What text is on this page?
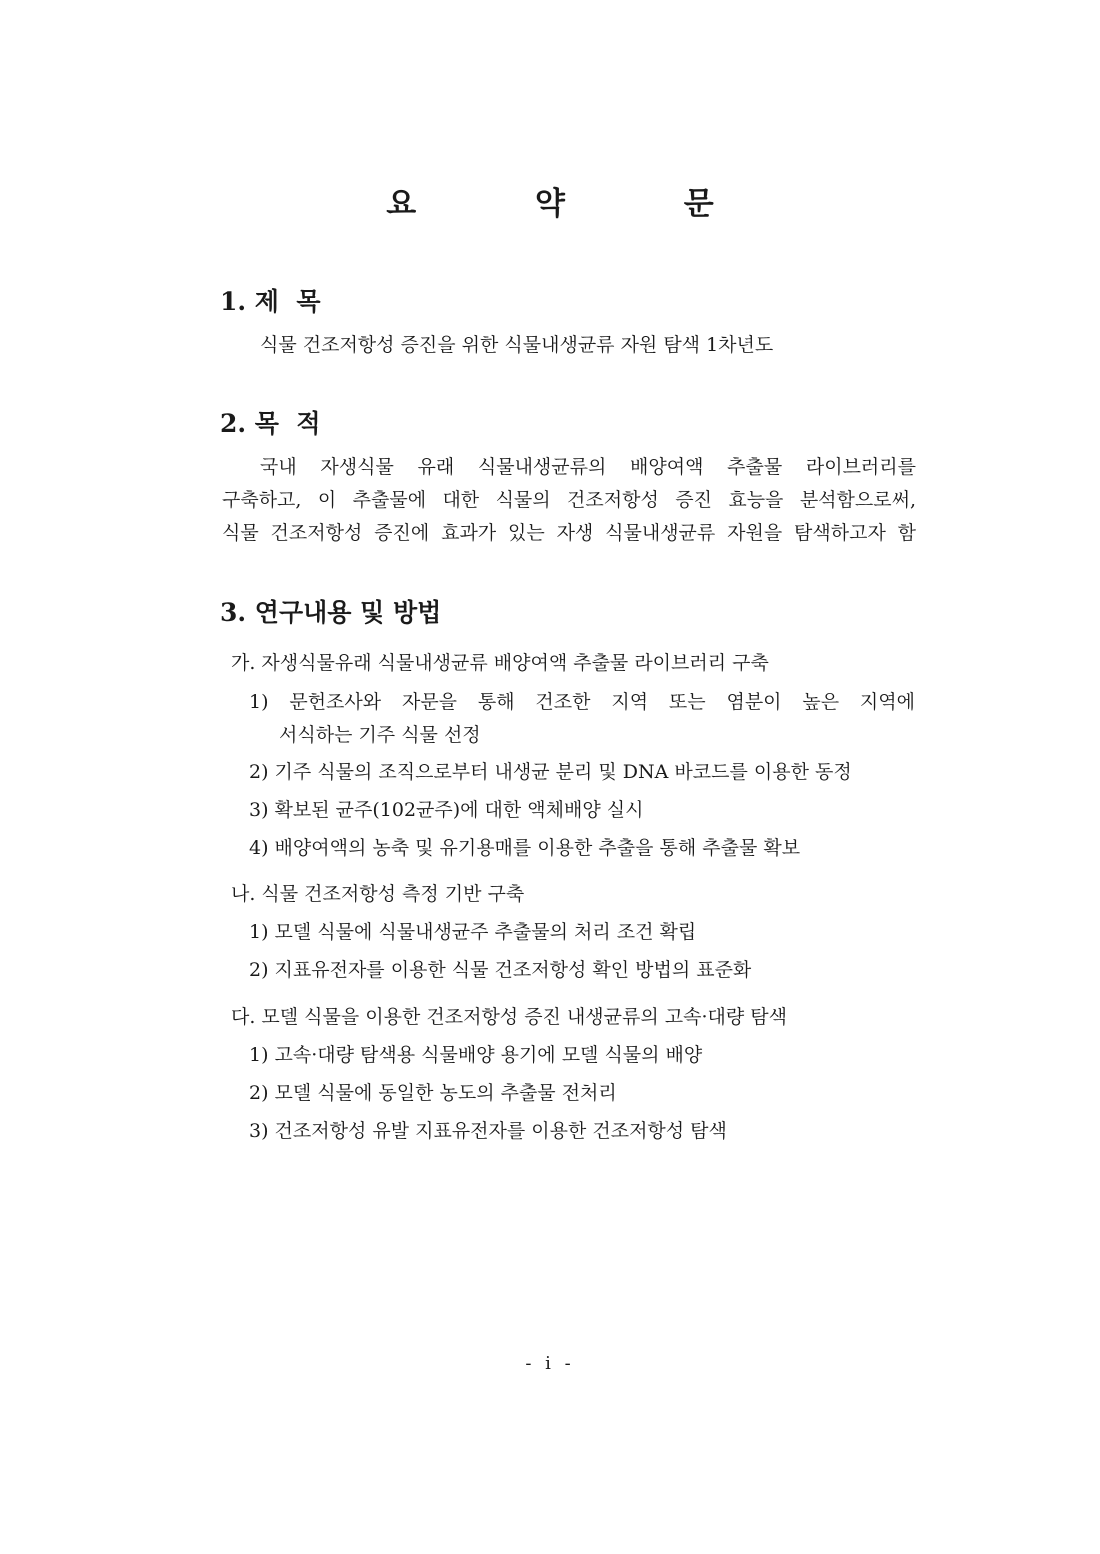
요 약 문
1. 제  목
식물 건조저항성 증진을 위한 식물내생균류 자원 탐색 1차년도
2. 목  적
국내 자생식물 유래 식물내생균류의 배양여액 추출물 라이브러리를
구축하고, 이 추출물에 대한 식물의 건조저항성 증진 효능을 분석함으로써,
식물 건조저항성 증진에 효과가 있는 자생 식물내생균류 자원을 탐색하고자 함
3. 연구내용 및 방법
가. 자생식물유래 식물내생균류 배양여액 추출물 라이브러리 구축
1) 문헌조사와 자문을 통해 건조한 지역 또는 염분이 높은 지역에
서식하는 기주 식물 선정
2) 기주 식물의 조직으로부터 내생균 분리 및 DNA 바코드를 이용한 동정
3) 확보된 균주(102균주)에 대한 액체배양 실시
4) 배양여액의 농축 및 유기용매를 이용한 추출을 통해 추출물 확보
나. 식물 건조저항성 측정 기반 구축
1) 모델 식물에 식물내생균주 추출물의 처리 조건 확립
2) 지표유전자를 이용한 식물 건조저항성 확인 방법의 표준화
다. 모델 식물을 이용한 건조저항성 증진 내생균류의 고속·대량 탐색
1) 고속·대량 탐색용 식물배양 용기에 모델 식물의 배양
2) 모델 식물에 동일한 농도의 추출물 전처리
3) 건조저항성 유발 지표유전자를 이용한 건조저항성 탐색
- i -
